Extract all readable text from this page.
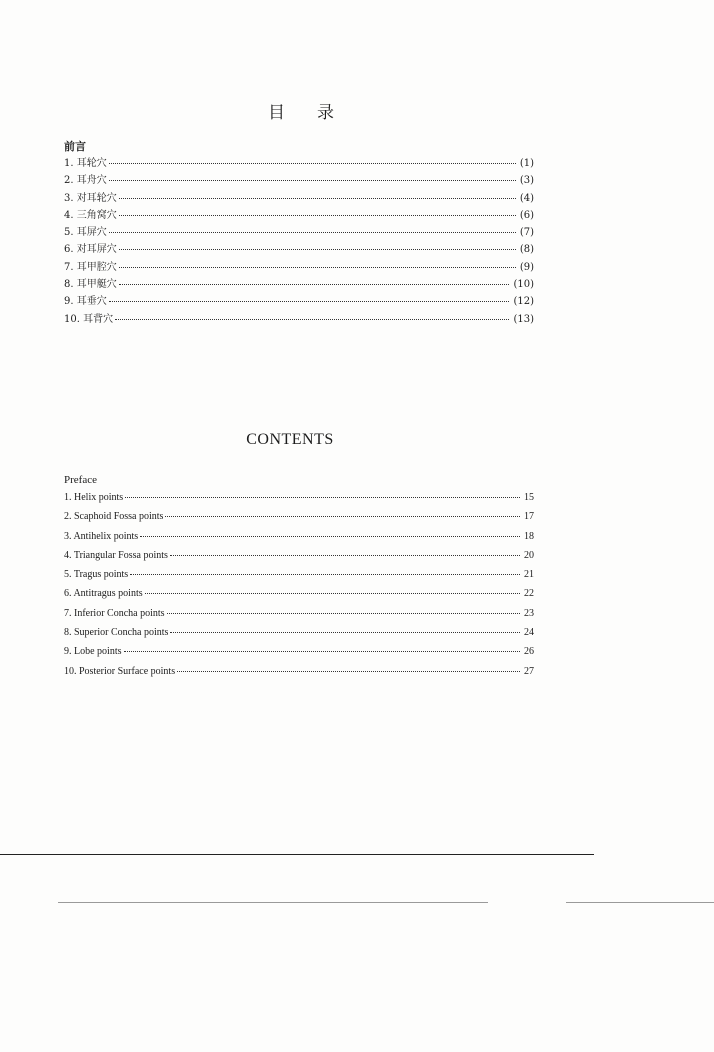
目 录
前言
1. 耳轮穴	(1)
2. 耳舟穴	(3)
3. 对耳轮穴	(4)
4. 三角窝穴	(6)
5. 耳屏穴	(7)
6. 对耳屏穴	(8)
7. 耳甲腔穴	(9)
8. 耳甲艇穴	(10)
9. 耳垂穴	(12)
10. 耳背穴	(13)
CONTENTS
Preface
1. Helix points	15
2. Scaphoid Fossa points	17
3. Antihelix points	18
4. Triangular Fossa points	20
5. Tragus points	21
6. Antitragus points	22
7. Inferior Concha points	23
8. Superior Concha points	24
9. Lobe points	26
10. Posterior Surface points	27
